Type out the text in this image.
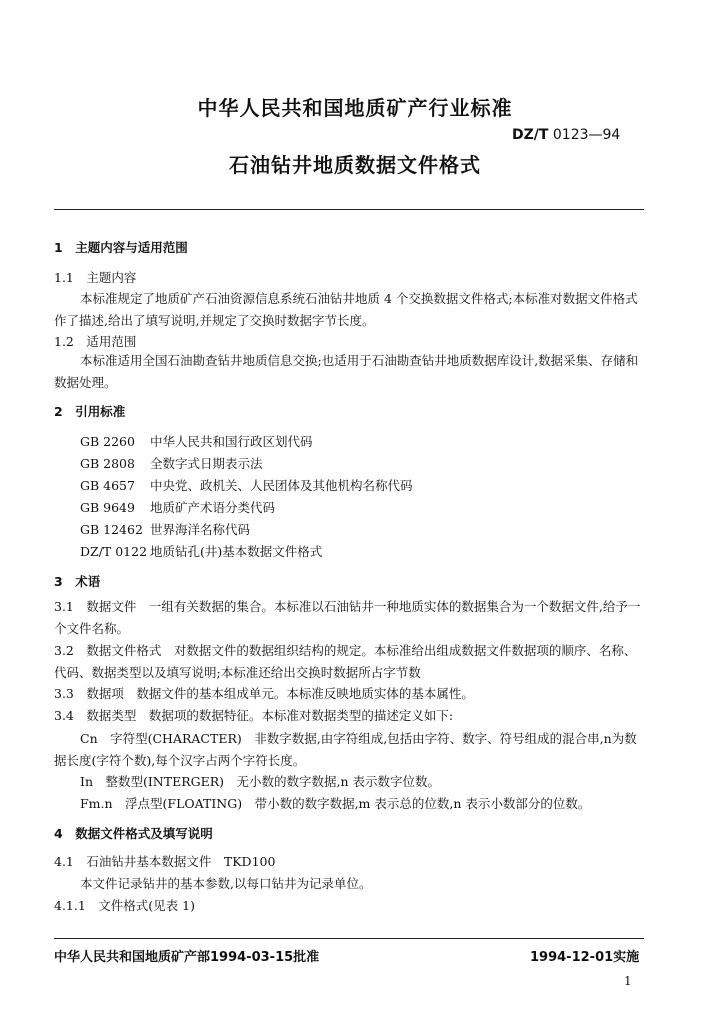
中华人民共和国地质矿产行业标准
DZ/T 0123—94
石油钻井地质数据文件格式
1　主题内容与适用范围
1.1　主题内容
本标准规定了地质矿产石油资源信息系统石油钻井地质 4 个交换数据文件格式;本标准对数据文件格式作了描述,给出了填写说明,并规定了交换时数据字节长度。
1.2　适用范围
本标准适用全国石油勘查钻井地质信息交换;也适用于石油勘查钻井地质数据库设计,数据采集、存储和数据处理。
2　引用标准
GB 2260 中华人民共和国行政区划代码
GB 2808 全数字式日期表示法
GB 4657 中央党、政机关、人民团体及其他机构名称代码
GB 9649 地质矿产术语分类代码
GB 12462 世界海洋名称代码
DZ/T 0122 地质钻孔(井)基本数据文件格式
3　术语
3.1　数据文件　一组有关数据的集合。本标准以石油钻井一种地质实体的数据集合为一个数据文件,给予一个文件名称。
3.2　数据文件格式　对数据文件的数据组织结构的规定。本标准给出组成数据文件数据项的顺序、名称、代码、数据类型以及填写说明;本标准还给出交换时数据所占字节数
3.3　数据项　数据文件的基本组成单元。本标准反映地质实体的基本属性。
3.4　数据类型　数据项的数据特征。本标准对数据类型的描述定义如下:
Cn　字符型(CHARACTER)　非数字数据,由字符组成,包括由字符、数字、符号组成的混合串,n为数据长度(字符个数),每个汉字占两个字符长度。
In　整数型(INTERGER)　无小数的数字数据,n 表示数字位数。
Fm.n　浮点型(FLOATING)　带小数的数字数据,m 表示总的位数,n 表示小数部分的位数。
4　数据文件格式及填写说明
4.1　石油钻井基本数据文件　TKD100
本文件记录钻井的基本参数,以每口钻井为记录单位。
4.1.1　文件格式(见表 1)
中华人民共和国地质矿产部1994-03-15批准	1994-12-01实施
1
